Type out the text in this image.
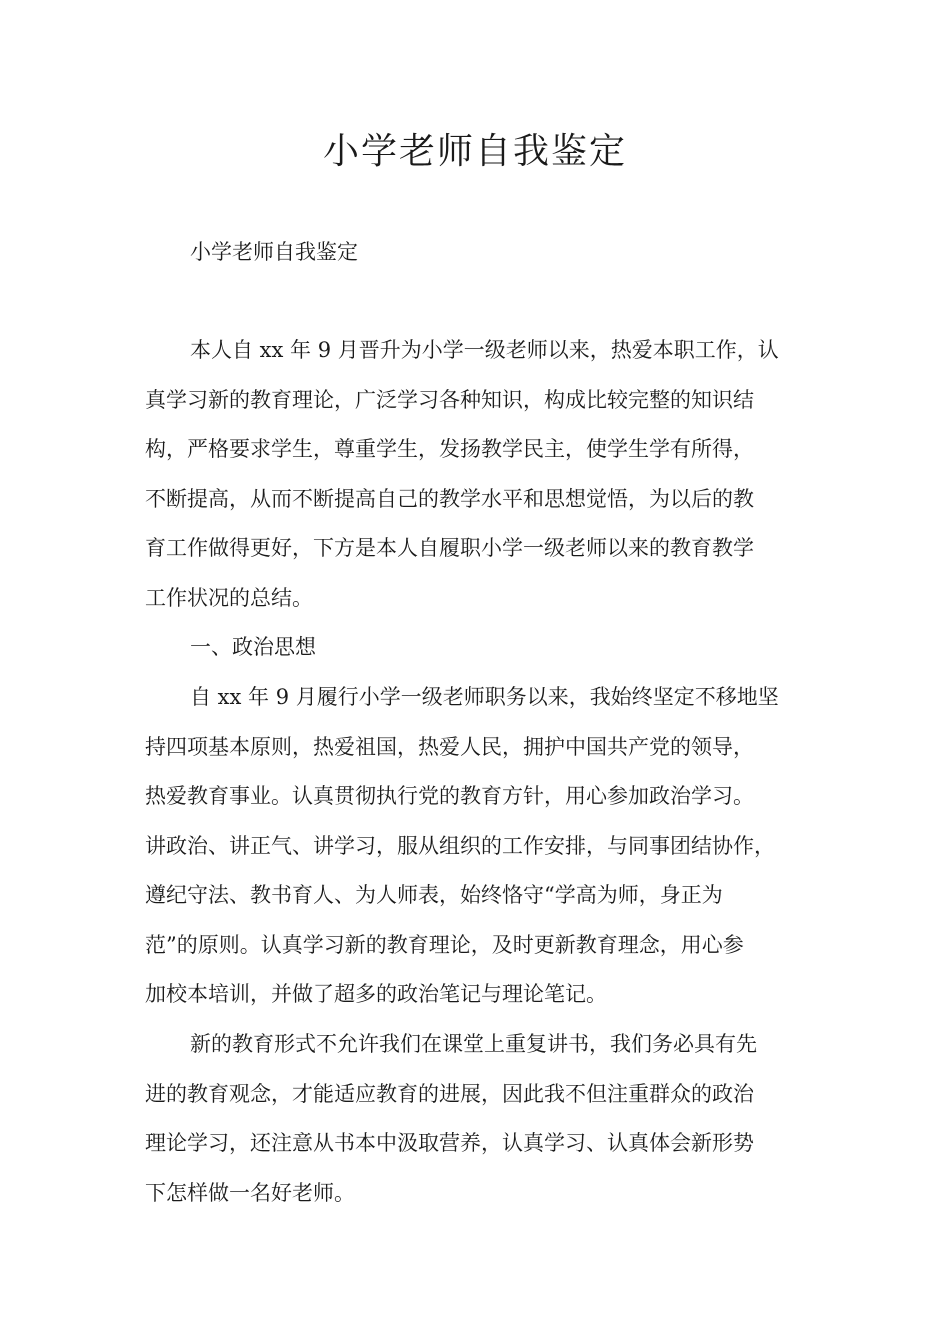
小学老师自我鉴定

小学老师自我鉴定

本人自 xx 年 9 月晋升为小学一级老师以来，热爱本职工作，认
真学习新的教育理论，广泛学习各种知识，构成比较完整的知识结
构，严格要求学生，尊重学生，发扬教学民主，使学生学有所得，
不断提高，从而不断提高自己的教学水平和思想觉悟，为以后的教
育工作做得更好，下方是本人自履职小学一级老师以来的教育教学
工作状况的总结。
一、政治思想
自 xx 年 9 月履行小学一级老师职务以来，我始终坚定不移地坚
持四项基本原则，热爱祖国，热爱人民，拥护中国共产党的领导，
热爱教育事业。认真贯彻执行党的教育方针，用心参加政治学习。
讲政治、讲正气、讲学习，服从组织的工作安排，与同事团结协作，
遵纪守法、教书育人、为人师表，始终恪守“学高为师，身正为
范”的原则。认真学习新的教育理论，及时更新教育理念，用心参
加校本培训，并做了超多的政治笔记与理论笔记。
新的教育形式不允许我们在课堂上重复讲书，我们务必具有先
进的教育观念，才能适应教育的进展，因此我不但注重群众的政治
理论学习，还注意从书本中汲取营养，认真学习、认真体会新形势
下怎样做一名好老师。
